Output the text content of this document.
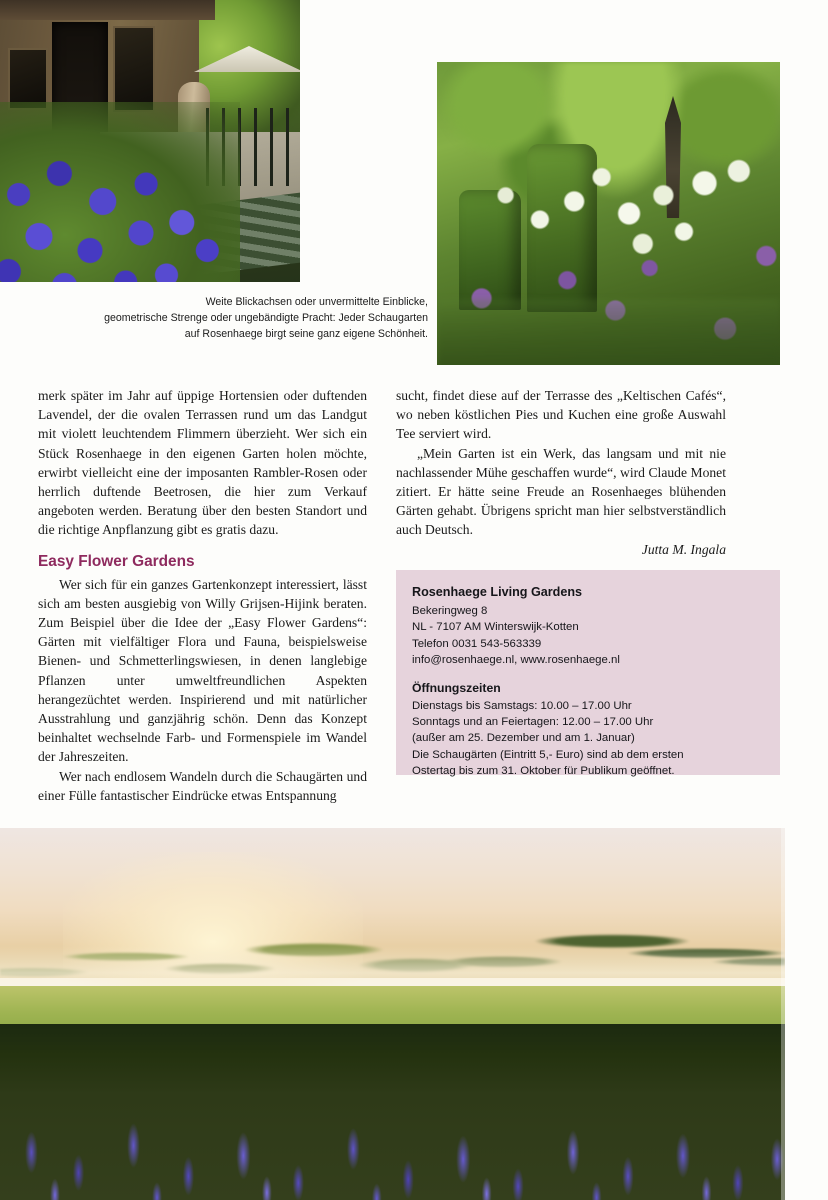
Weite Blickachsen oder unvermittelte Einblicke,
geometrische Strenge oder ungebändigte Pracht: Jeder Schaugarten
auf Rosenhaege birgt seine ganz eigene Schönheit.

merk später im Jahr auf üppige Hortensien oder duftenden Lavendel, der die ovalen Terrassen rund um das Landgut mit violett leuchtendem Flimmern überzieht. Wer sich ein Stück Rosenhaege in den eigenen Garten holen möchte, erwirbt vielleicht eine der imposanten Rambler-Rosen oder herrlich duftende Beetrosen, die hier zum Verkauf angeboten werden. Beratung über den besten Standort und die richtige Anpflanzung gibt es gratis dazu.

Easy Flower Gardens

Wer sich für ein ganzes Gartenkonzept interessiert, lässt sich am besten ausgiebig von Willy Grijsen-Hijink beraten. Zum Beispiel über die Idee der „Easy Flower Gardens“: Gärten mit vielfältiger Flora und Fauna, beispielsweise Bienen- und Schmetterlingswiesen, in denen langlebige Pflanzen unter umweltfreundlichen Aspekten herangezüchtet werden. Inspirierend und mit natürlicher Ausstrahlung und ganzjährig schön. Denn das Konzept beinhaltet wechselnde Farb- und Formenspiele im Wandel der Jahreszeiten.

Wer nach endlosem Wandeln durch die Schaugärten und einer Fülle fantastischer Eindrücke etwas Entspannung

sucht, findet diese auf der Terrasse des „Keltischen Cafés“, wo neben köstlichen Pies und Kuchen eine große Auswahl Tee serviert wird.

„Mein Garten ist ein Werk, das langsam und mit nie nachlassender Mühe geschaffen wurde“, wird Claude Monet zitiert. Er hätte seine Freude an Rosenhaeges blühenden Gärten gehabt. Übrigens spricht man hier selbstverständlich auch Deutsch.
Jutta M. Ingala

Rosenhaege Living Gardens
Bekeringweg 8
NL - 7107 AM Winterswijk-Kotten
Telefon 0031 543-563339
info@rosenhaege.nl, www.rosenhaege.nl
Öffnungszeiten
Dienstags bis Samstags: 10.00 – 17.00 Uhr
Sonntags und an Feiertagen: 12.00 – 17.00 Uhr
(außer am 25. Dezember und am 1. Januar)
Die Schaugärten (Eintritt 5,- Euro) sind ab dem ersten
Ostertag bis zum 31. Oktober für Publikum geöffnet.
